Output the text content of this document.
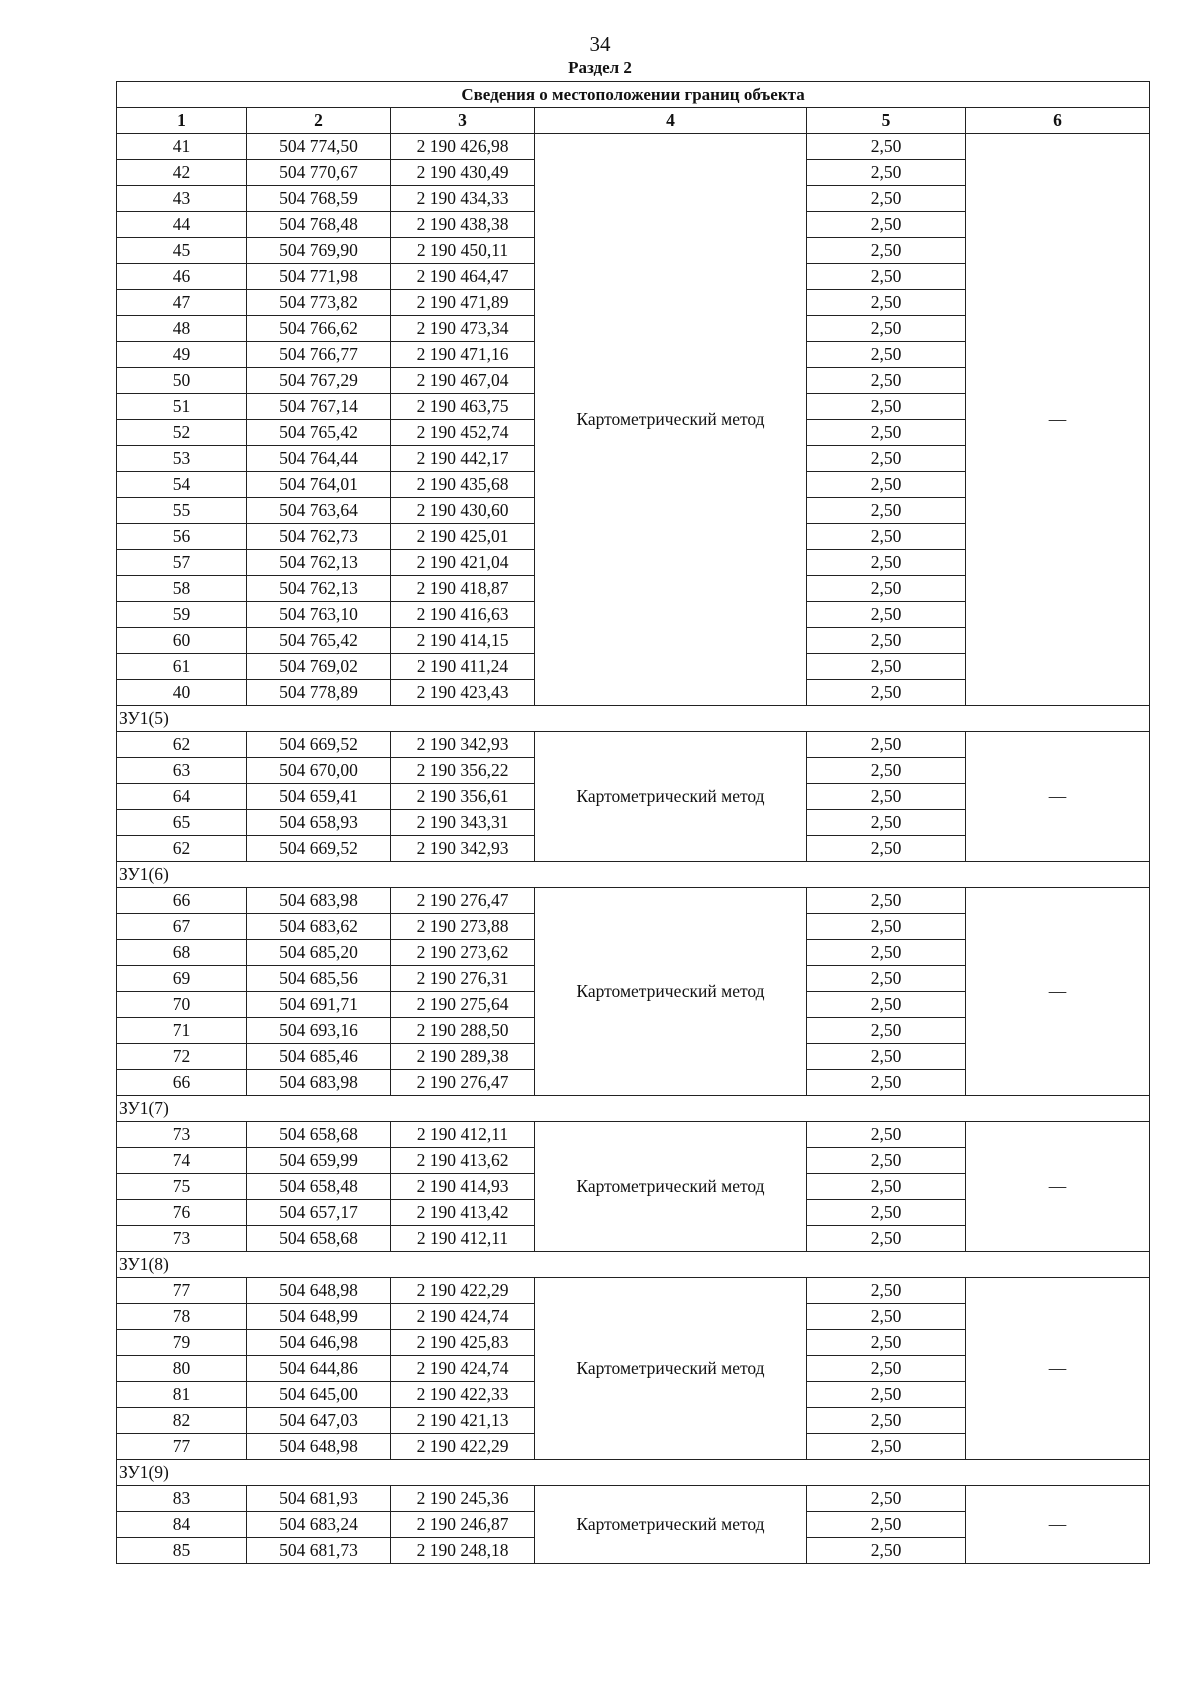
34
Раздел 2
Сведения о местоположении границ объекта					
1	2	3	4	5	6
41	504 774,50	2 190 426,98	Картометрический метод	2,50	—
42	504 770,67	2 190 430,49		2,50	
43	504 768,59	2 190 434,33		2,50	
44	504 768,48	2 190 438,38		2,50	
45	504 769,90	2 190 450,11		2,50	
46	504 771,98	2 190 464,47		2,50	
47	504 773,82	2 190 471,89		2,50	
48	504 766,62	2 190 473,34		2,50	
49	504 766,77	2 190 471,16		2,50	
50	504 767,29	2 190 467,04		2,50	
51	504 767,14	2 190 463,75		2,50	
52	504 765,42	2 190 452,74		2,50	
53	504 764,44	2 190 442,17		2,50	
54	504 764,01	2 190 435,68		2,50	
55	504 763,64	2 190 430,60		2,50	
56	504 762,73	2 190 425,01		2,50	
57	504 762,13	2 190 421,04		2,50	
58	504 762,13	2 190 418,87		2,50	
59	504 763,10	2 190 416,63		2,50	
60	504 765,42	2 190 414,15		2,50	
61	504 769,02	2 190 411,24		2,50	
40	504 778,89	2 190 423,43		2,50	
ЗУ1(5)					
62	504 669,52	2 190 342,93	Картометрический метод	2,50	—
63	504 670,00	2 190 356,22		2,50	
64	504 659,41	2 190 356,61		2,50	
65	504 658,93	2 190 343,31		2,50	
62	504 669,52	2 190 342,93		2,50	
ЗУ1(6)					
66	504 683,98	2 190 276,47	Картометрический метод	2,50	—
67	504 683,62	2 190 273,88		2,50	
68	504 685,20	2 190 273,62		2,50	
69	504 685,56	2 190 276,31		2,50	
70	504 691,71	2 190 275,64		2,50	
71	504 693,16	2 190 288,50		2,50	
72	504 685,46	2 190 289,38		2,50	
66	504 683,98	2 190 276,47		2,50	
ЗУ1(7)					
73	504 658,68	2 190 412,11	Картометрический метод	2,50	—
74	504 659,99	2 190 413,62		2,50	
75	504 658,48	2 190 414,93		2,50	
76	504 657,17	2 190 413,42		2,50	
73	504 658,68	2 190 412,11		2,50	
ЗУ1(8)					
77	504 648,98	2 190 422,29	Картометрический метод	2,50	—
78	504 648,99	2 190 424,74		2,50	
79	504 646,98	2 190 425,83		2,50	
80	504 644,86	2 190 424,74		2,50	
81	504 645,00	2 190 422,33		2,50	
82	504 647,03	2 190 421,13		2,50	
77	504 648,98	2 190 422,29		2,50	
ЗУ1(9)					
83	504 681,93	2 190 245,36	Картометрический метод	2,50	—
84	504 683,24	2 190 246,87		2,50	
85	504 681,73	2 190 248,18		2,50	
